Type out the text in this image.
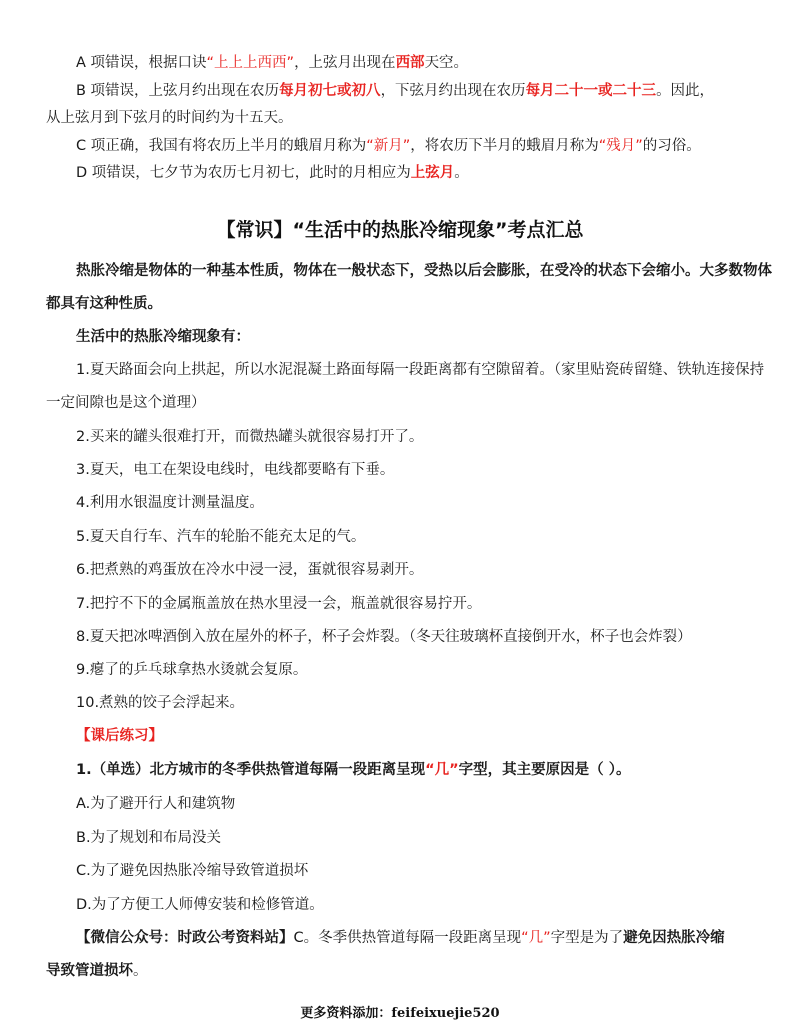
A 项错误，根据口诀“上上上西西”，上弦月出现在西部天空。
B 项错误，上弦月约出现在农历每月初七或初八，下弦月约出现在农历每月二十一或二十三。因此，
从上弦月到下弦月的时间约为十五天。
C 项正确，我国有将农历上半月的蛾眉月称为“新月”，将农历下半月的蛾眉月称为“残月”的习俗。
D 项错误，七夕节为农历七月初七，此时的月相应为上弦月。
【常识】“生活中的热胀冷缩现象”考点汇总
热胀冷缩是物体的一种基本性质，物体在一般状态下，受热以后会膨胀，在受冷的状态下会缩小。大多数物体
都具有这种性质。
生活中的热胀冷缩现象有：
1.夏天路面会向上拱起，所以水泥混凝土路面每隔一段距离都有空隙留着。（家里贴瓷砖留缝、铁轨连接保持
一定间隙也是这个道理）
2.买来的罐头很难打开，而微热罐头就很容易打开了。
3.夏天，电工在架设电线时，电线都要略有下垂。
4.利用水银温度计测量温度。
5.夏天自行车、汽车的轮胎不能充太足的气。
6.把煮熟的鸡蛋放在冷水中浸一浸，蛋就很容易剥开。
7.把拧不下的金属瓶盖放在热水里浸一会，瓶盖就很容易拧开。
8.夏天把冰啤酒倒入放在屋外的杯子，杯子会炸裂。（冬天往玻璃杯直接倒开水，杯子也会炸裂）
9.瘪了的乒乓球拿热水烫就会复原。
10.煮熟的饺子会浮起来。
【课后练习】
1.（单选）北方城市的冬季供热管道每隔一段距离呈现“几”字型，其主要原因是（ ）。
A.为了避开行人和建筑物
B.为了规划和布局没关
C.为了避免因热胀冷缩导致管道损坏
D.为了方便工人师傅安装和检修管道。
【微信公众号：时政公考资料站】C。冬季供热管道每隔一段距离呈现“几”字型是为了避免因热胀冷缩
导致管道损坏。
更多资料添加：feifeixuejie520
